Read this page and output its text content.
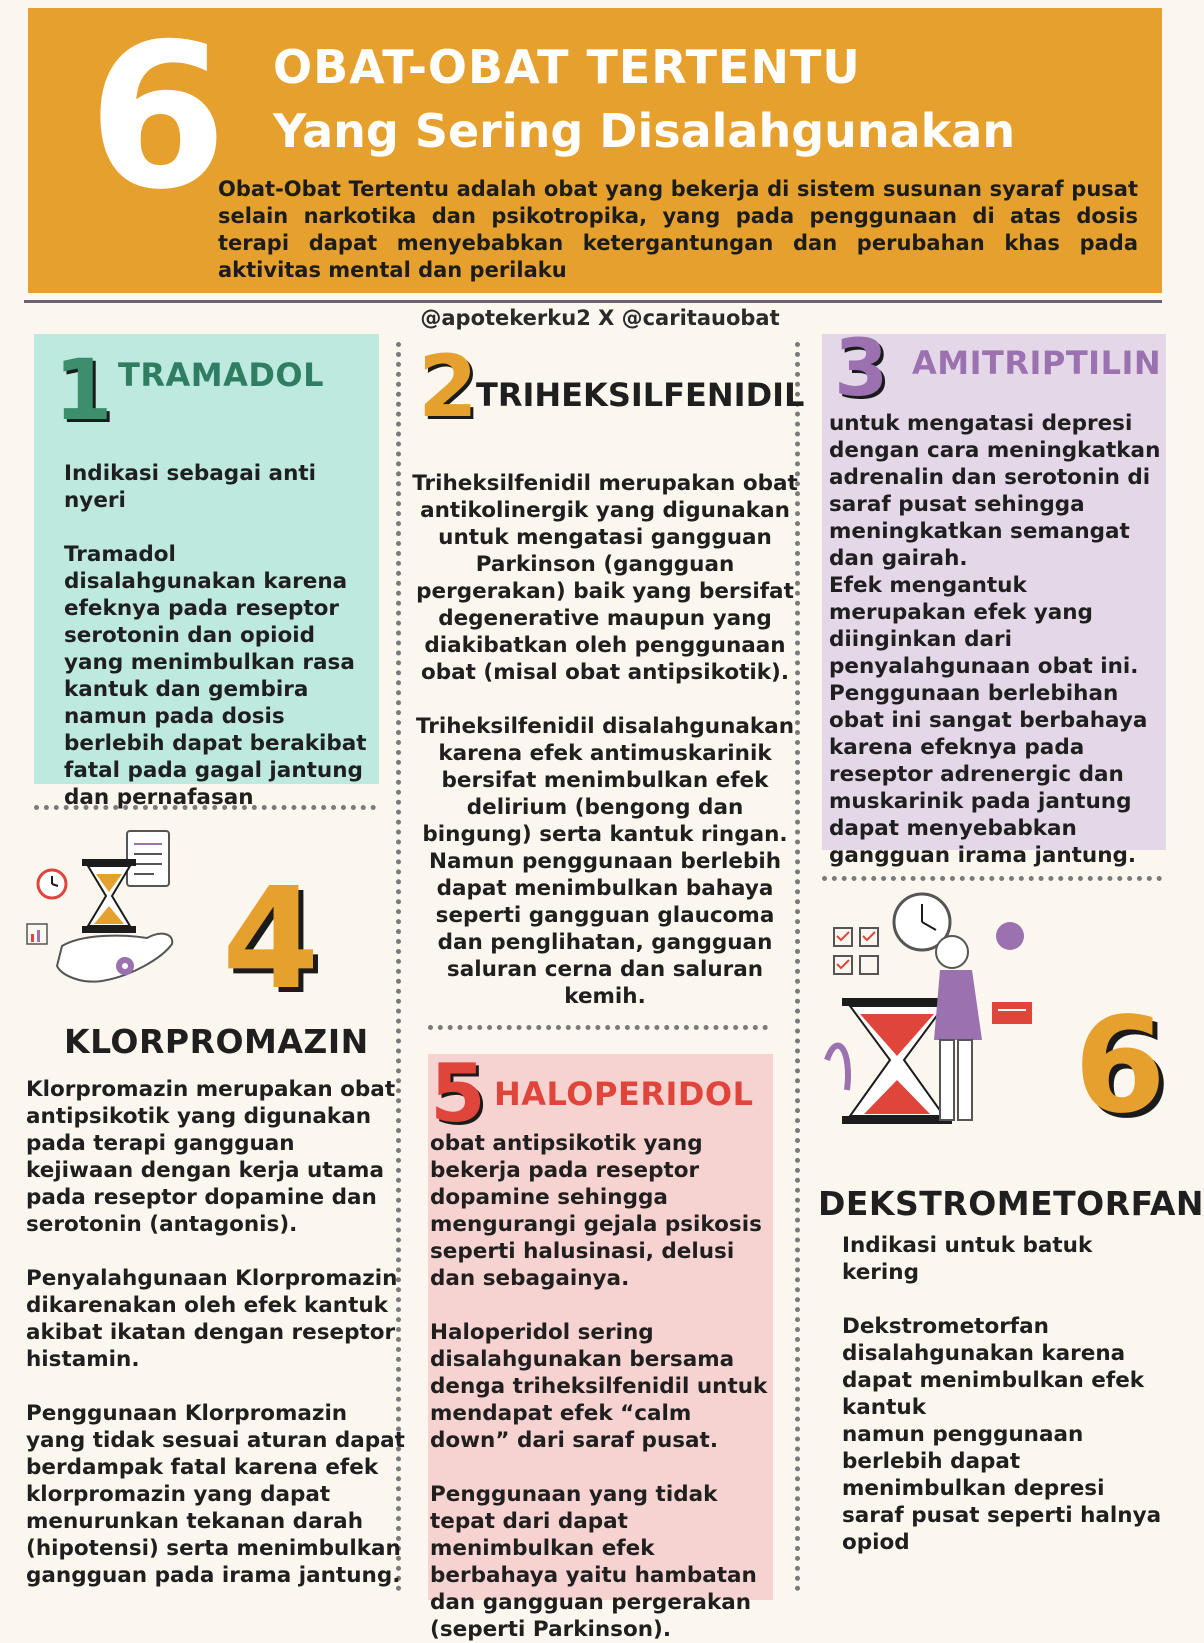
6 OBAT-OBAT TERTENTU
Yang Sering Disalahgunakan
Obat-Obat Tertentu adalah obat yang bekerja di sistem susunan syaraf pusat selain narkotika dan psikotropika, yang pada penggunaan di atas dosis terapi dapat menyebabkan ketergantungan dan perubahan khas pada aktivitas mental dan perilaku
@apotekerku2 X @caritauobat
1 TRAMADOL
Indikasi sebagai anti nyeri

Tramadol disalahgunakan karena efeknya pada reseptor serotonin dan opioid yang menimbulkan rasa kantuk dan gembira namun pada dosis berlebih dapat berakibat fatal pada gagal jantung dan pernafasan
2
TRIHEKSILFENIDIL
Triheksilfenidil merupakan obat antikolinergik yang digunakan untuk mengatasi gangguan Parkinson (gangguan pergerakan) baik yang bersifat degenerative maupun yang diakibatkan oleh penggunaan obat (misal obat antipsikotik).

Triheksilfenidil disalahgunakan karena efek antimuskarinik bersifat menimbulkan efek delirium (bengong dan bingung) serta kantuk ringan. Namun penggunaan berlebih dapat menimbulkan bahaya seperti gangguan glaucoma dan penglihatan, gangguan saluran cerna dan saluran kemih.
3 AMITRIPTILIN
untuk mengatasi depresi dengan cara meningkatkan adrenalin dan serotonin di saraf pusat sehingga meningkatkan semangat dan gairah.
Efek mengantuk merupakan efek yang diinginkan dari penyalahgunaan obat ini. Penggunaan berlebihan obat ini sangat berbahaya karena efeknya pada reseptor adrenergic dan muskarinik pada jantung dapat menyebabkan gangguan irama jantung.
4
KLORPROMAZIN
Klorpromazin merupakan obat antipsikotik yang digunakan pada terapi gangguan kejiwaan dengan kerja utama pada reseptor dopamine dan serotonin (antagonis).

Penyalahgunaan Klorpromazin dikarenakan oleh efek kantuk akibat ikatan dengan reseptor histamin.

Penggunaan Klorpromazin yang tidak sesuai aturan dapat berdampak fatal karena efek klorpromazin yang dapat menurunkan tekanan darah (hipotensi) serta menimbulkan gangguan pada irama jantung.
5 HALOPERIDOL
obat antipsikotik yang bekerja pada reseptor dopamine sehingga mengurangi gejala psikosis seperti halusinasi, delusi dan sebagainya.

Haloperidol sering disalahgunakan bersama denga triheksilfenidil untuk mendapat efek “calm down” dari saraf pusat.

Penggunaan yang tidak tepat dari dapat menimbulkan efek berbahaya yaitu hambatan dan gangguan pergerakan (seperti Parkinson).
6
DEKSTROMETORFAN
Indikasi untuk batuk kering

Dekstrometorfan disalahgunakan karena dapat menimbulkan efek kantuk
namun penggunaan berlebih dapat menimbulkan depresi saraf pusat seperti halnya opiod
